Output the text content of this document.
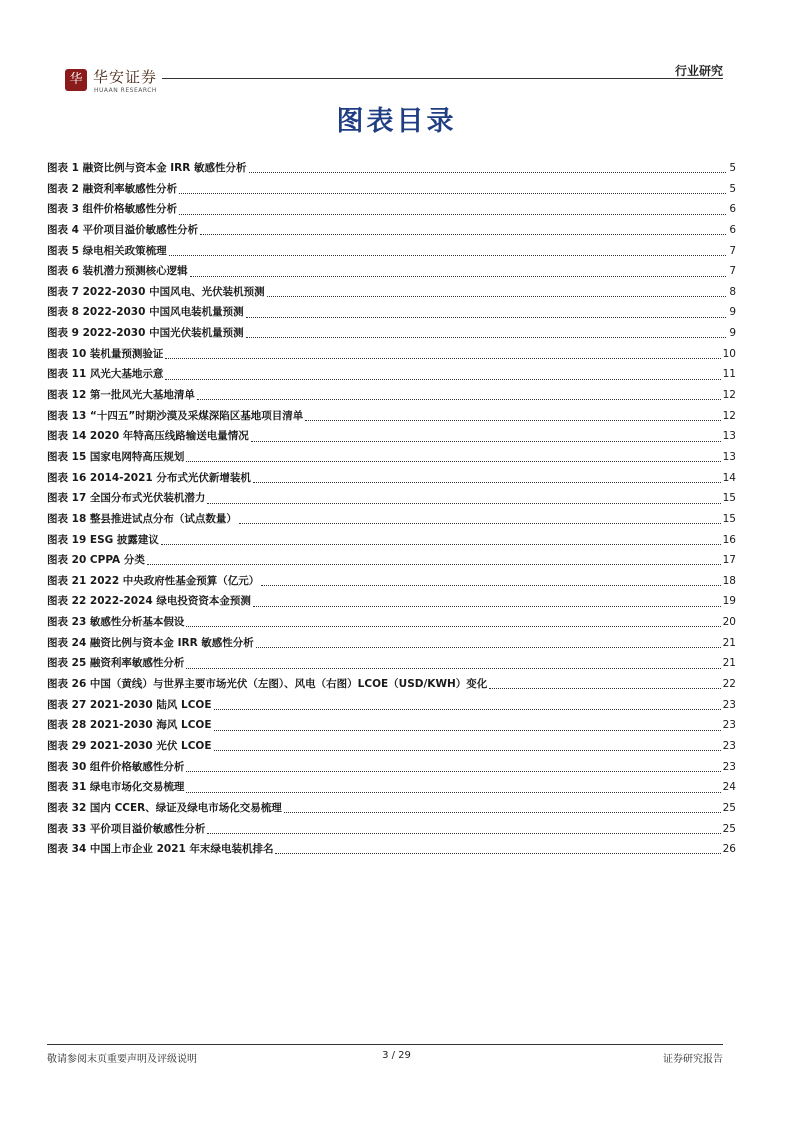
华 华安证券
HUAAN RESEARCH
行业研究
图表目录
图表 1 融资比例与资本金 IRR 敏感性分析	5
图表 2 融资利率敏感性分析	5
图表 3 组件价格敏感性分析	6
图表 4 平价项目溢价敏感性分析	6
图表 5 绿电相关政策梳理	7
图表 6 装机潜力预测核心逻辑	7
图表 7 2022-2030 中国风电、光伏装机预测	8
图表 8 2022-2030 中国风电装机量预测	9
图表 9 2022-2030 中国光伏装机量预测	9
图表 10 装机量预测验证	10
图表 11 风光大基地示意	11
图表 12 第一批风光大基地清单	12
图表 13 “十四五”时期沙漠及采煤深陷区基地项目清单	12
图表 14 2020 年特高压线路输送电量情况	13
图表 15 国家电网特高压规划	13
图表 16 2014-2021 分布式光伏新增装机	14
图表 17 全国分布式光伏装机潜力	15
图表 18 整县推进试点分布（试点数量）	15
图表 19 ESG 披露建议	16
图表 20 CPPA 分类	17
图表 21 2022 中央政府性基金预算（亿元）	18
图表 22 2022-2024 绿电投资资本金预测	19
图表 23 敏感性分析基本假设	20
图表 24 融资比例与资本金 IRR 敏感性分析	21
图表 25 融资利率敏感性分析	21
图表 26 中国（黄线）与世界主要市场光伏（左图）、风电（右图）LCOE（USD/KWH）变化	22
图表 27 2021-2030 陆风 LCOE	23
图表 28 2021-2030 海风 LCOE	23
图表 29 2021-2030 光伏 LCOE	23
图表 30 组件价格敏感性分析	23
图表 31 绿电市场化交易梳理	24
图表 32 国内 CCER、绿证及绿电市场化交易梳理	25
图表 33 平价项目溢价敏感性分析	25
图表 34 中国上市企业 2021 年末绿电装机排名	26
敬请参阅末页重要声明及评级说明	3 / 29	证券研究报告
